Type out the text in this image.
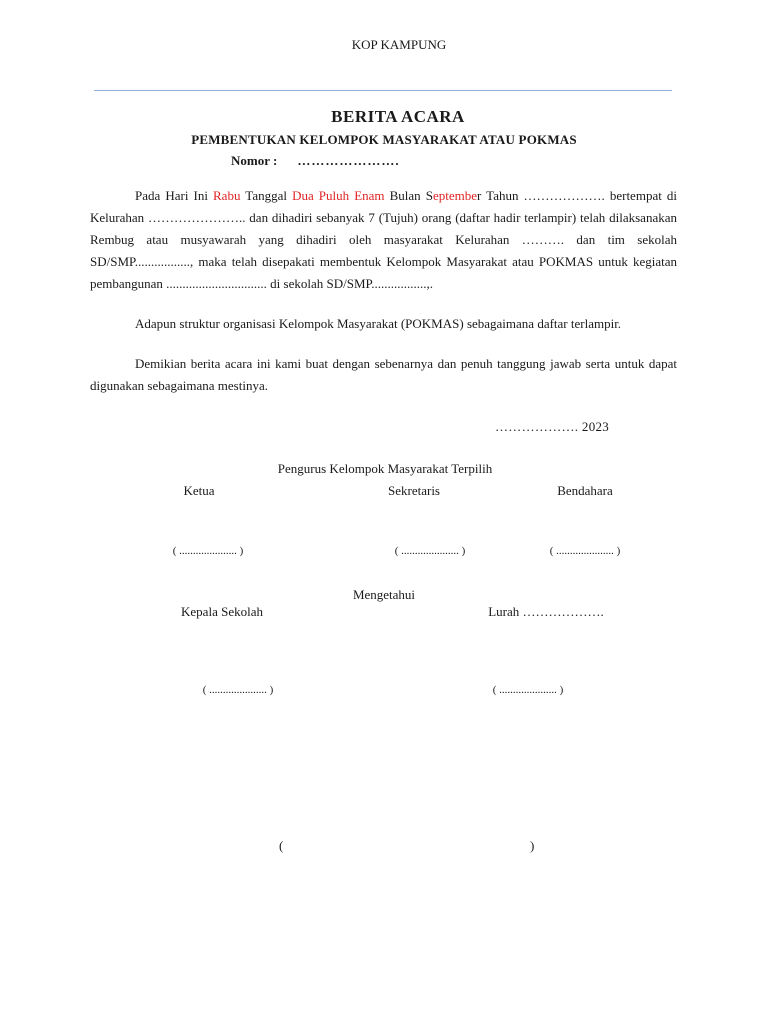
KOP KAMPUNG
BERITA ACARA
PEMBENTUKAN KELOMPOK MASYARAKAT ATAU POKMAS
Nomor : ………………….
Pada Hari Ini Rabu Tanggal Dua Puluh Enam Bulan September Tahun ………………. bertempat di Kelurahan ………………….. dan dihadiri sebanyak 7 (Tujuh) orang (daftar hadir terlampir) telah dilaksanakan Rembug atau musyawarah yang dihadiri oleh masyarakat Kelurahan ………. dan tim sekolah SD/SMP................., maka telah disepakati membentuk Kelompok Masyarakat atau POKMAS untuk kegiatan pembangunan ............................... di sekolah SD/SMP.................,.
Adapun struktur organisasi Kelompok Masyarakat (POKMAS) sebagaimana daftar terlampir.
Demikian berita acara ini kami buat dengan sebenarnya dan penuh tanggung jawab serta untuk dapat digunakan sebagaimana mestinya.
………………. 2023
Pengurus Kelompok Masyarakat Terpilih
Ketua	Sekretaris	Bendahara
( ..................... )	( ..................... )	( ..................... )
Mengetahui
Kepala Sekolah	Lurah ……………….
( ..................... )	( ..................... )
(	)
